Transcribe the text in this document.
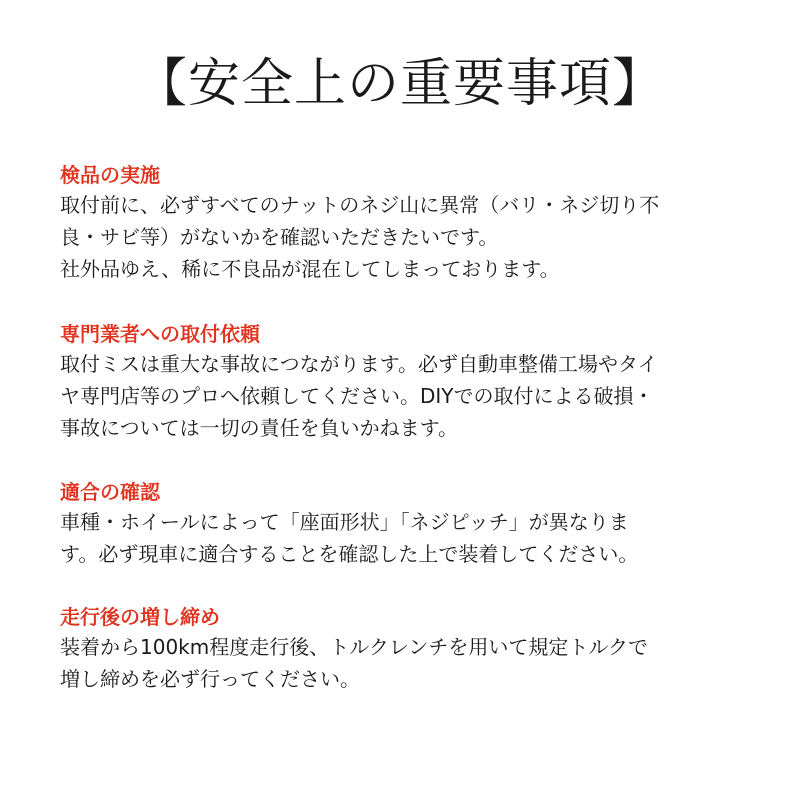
【安全上の重要事項】
検品の実施
取付前に、必ずすべてのナットのネジ山に異常（バリ・ネジ切り不
良・サビ等）がないかを確認いただきたいです。
社外品ゆえ、稀に不良品が混在してしまっております。
専門業者への取付依頼
取付ミスは重大な事故につながります。必ず自動車整備工場やタイ
ヤ専門店等のプロへ依頼してください。DIYでの取付による破損・
事故については一切の責任を負いかねます。
適合の確認
車種・ホイールによって「座面形状」「ネジピッチ」が異なりま
す。必ず現車に適合することを確認した上で装着してください。
走行後の増し締め
装着から100km程度走行後、トルクレンチを用いて規定トルクで
増し締めを必ず行ってください。
